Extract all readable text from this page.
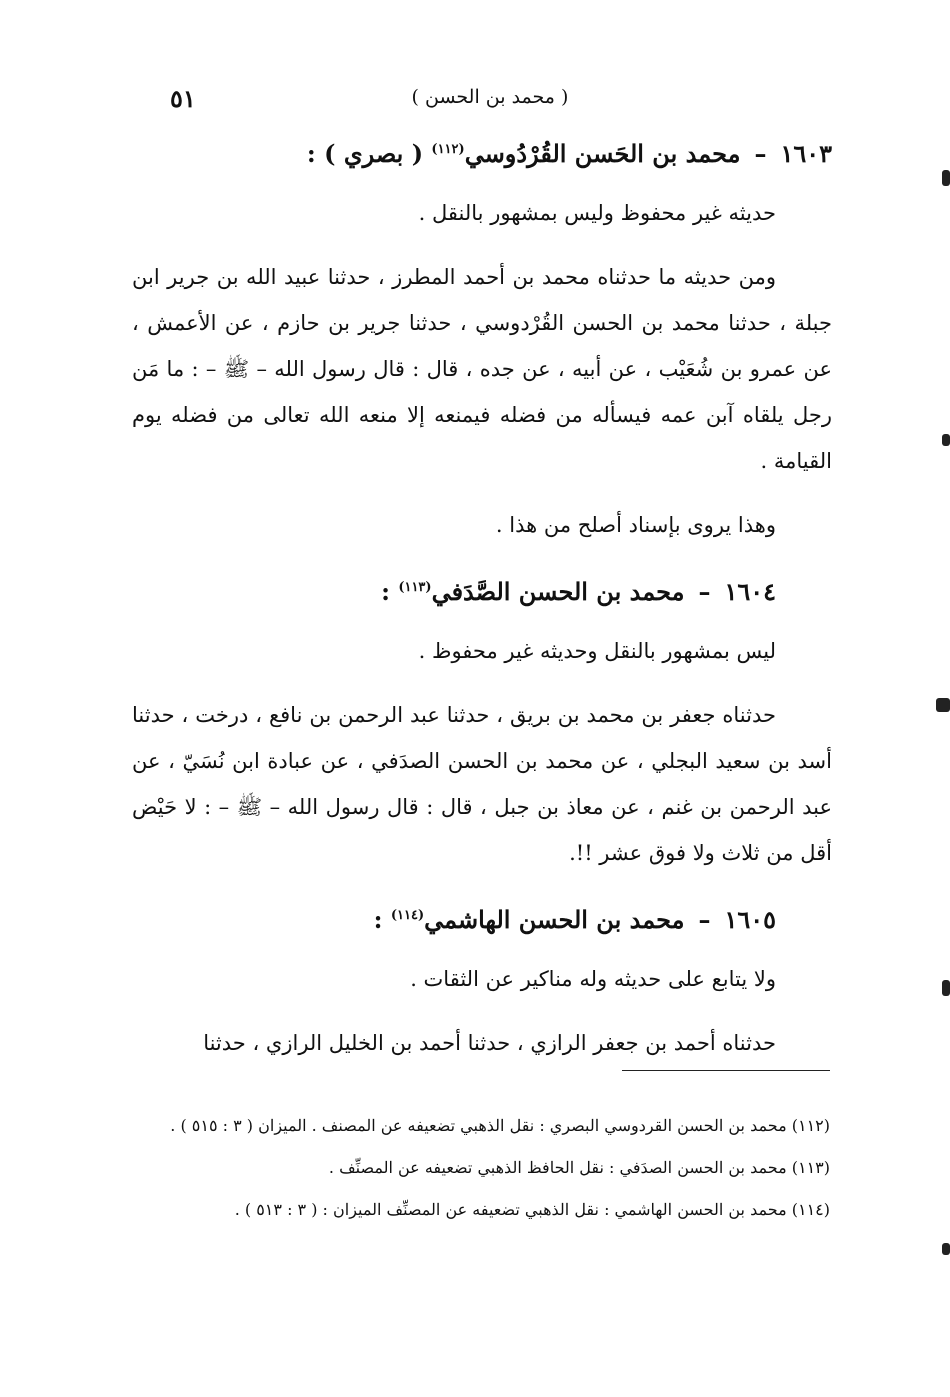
( محمد بن الحسن )
٥١

١٦٠٣–محمد بن الحَسن القُرْدُوسي$^{(١١٢)}$ ( بصري ) :

حديثه غير محفوظ وليس بمشهور بالنقل .

ومن حديثه ما حدثناه محمد بن أحمد المطرز ، حدثنا عبيد الله بن جرير ابن جبلة ، حدثنا محمد بن الحسن القُرْدوسي ، حدثنا جرير بن حازم ، عن الأعمش ، عن عمرو بن شُعَيْب ، عن أبيه ، عن جده ، قال : قال رسول الله – ﷺ – : ما مَن رجل يلقاه آبن عمه فيسأله من فضله فيمنعه إلا منعه الله تعالى من فضله يوم القيامة .

وهذا يروى بإسناد أصلح من هذا .

١٦٠٤–محمد بن الحسن الصَّدَفي$^{(١١٣)}$ :

ليس بمشهور بالنقل وحديثه غير محفوظ .

حدثناه جعفر بن محمد بن بريق ، حدثنا عبد الرحمن بن نافع ، درخت ، حدثنا أسد بن سعيد البجلي ، عن محمد بن الحسن الصدَفي ، عن عبادة ابن نُسَيّ ، عن عبد الرحمن بن غنم ، عن معاذ بن جبل ، قال : قال رسول الله – ﷺ – : لا حَيْض أقل من ثلاث ولا فوق عشر !!.

١٦٠٥–محمد بن الحسن الهاشمي$^{(١١٤)}$ :

ولا يتابع على حديثه وله مناكير عن الثقات .

حدثناه أحمد بن جعفر الرازي ، حدثنا أحمد بن الخليل الرازي ، حدثنا

(١١٢) محمد بن الحسن القردوسي البصري : نقل الذهبي تضعيفه عن المصنف . الميزان ( ٣ : ٥١٥ ) .

(١١٣) محمد بن الحسن الصدَفي : نقل الحافظ الذهبي تضعيفه عن المصنِّف .

(١١٤) محمد بن الحسن الهاشمي : نقل الذهبي تضعيفه عن المصنِّف الميزان : ( ٣ : ٥١٣ ) .
